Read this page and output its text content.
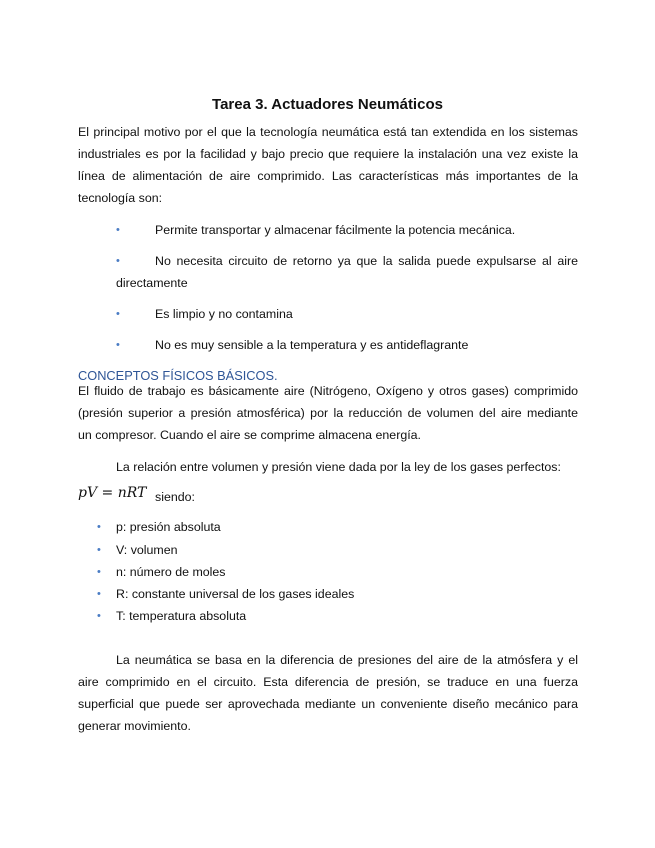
Tarea 3. Actuadores Neumáticos
El principal motivo por el que la tecnología neumática está tan extendida en los sistemas
industriales es por la facilidad y bajo precio que requiere la instalación una vez existe la
línea de alimentación de aire comprimido. Las características más importantes de la
tecnología son:
•	Permite transportar y almacenar fácilmente la potencia mecánica.
•	No necesita circuito de retorno ya que la salida puede expulsarse al aire
directamente
•	Es limpio y no contamina
•	No es muy sensible a la temperatura y es antideflagrante
CONCEPTOS FÍSICOS BÁSICOS.
El fluido de trabajo es básicamente aire (Nitrógeno, Oxígeno y otros gases) comprimido
(presión superior a presión atmosférica) por la reducción de volumen del aire mediante
un compresor. Cuando el aire se comprime almacena energía.
La relación entre volumen y presión viene dada por la ley de los gases perfectos:
pV = nRT siendo:
• p: presión absoluta
• V: volumen
• n: número de moles
• R: constante universal de los gases ideales
• T: temperatura absoluta
La neumática se basa en la diferencia de presiones del aire de la atmósfera y el
aire comprimido en el circuito. Esta diferencia de presión, se traduce en una fuerza
superficial que puede ser aprovechada mediante un conveniente diseño mecánico para
generar movimiento.
